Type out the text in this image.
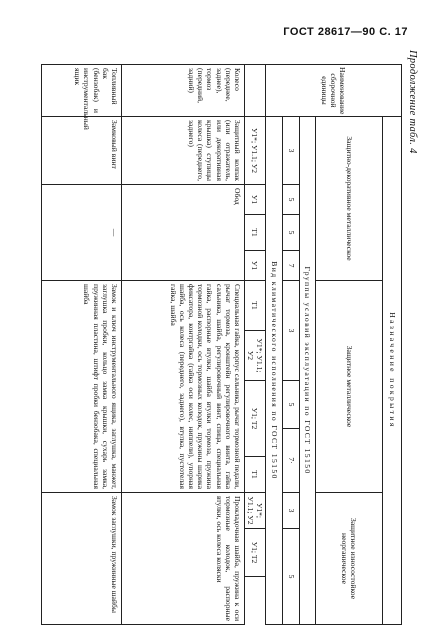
ГОСТ 28617—90 С. 17
Продолжение табл. 4
Наименование сборочной единицы	Назначение покрытия										
	Защитно-декоративное металлическое				Защитное металлическое					Защитное износостойкое неорганическое	
	Группы условий эксплуатации по ГОСТ 15150										
	3	5	5	7	3		5	7·		3	5
	Вид климатического исполнения по ГОСТ 15150										
	У1*; У1.1; У2	У1	Т1	У1	Т1	У1*; У1.1; У2	У1; Т2		Т1	У1*; У1.1; У2	У1; Т2
Колесо (переднее, заднее), тормоз (передний, задний)	Защитный колпак (или отражатель, или декоративная крышка) ступицы колеса (переднего, заднего)	Обод			Специальная гайка, корпус сальника, рычаг тормозной педали, рычаг тормоза, кронштейн регулировочного винта, гайка сальника, шайба, регулировочный винт, спица, специальная гайка, распорные втулки, шайба втулки тормоза, пружина тормозной колодки, ось тормозных колодок, пружины шарика фиксатора, контргайка (гайка оси колес, ниппели), упорная шайба, ось колеса (переднего, заднего), втулка, пустотелая гайка, шайба					Прокладочная шайба, пружина к оси тормозные колодок, распорные втулки, ось колеса коляски	
Топливный бак (бензобак) и инструментальный ящик	Замковый винт	—			Замок и ключ инструментального ящика, заглушка, манжет, заглушка пробки, кольцо замка крышки, сухарь замка, пружинная пластина, штифт пробки бензобака, специальная шайба					Замок заглушки, пружинные шайбы	
